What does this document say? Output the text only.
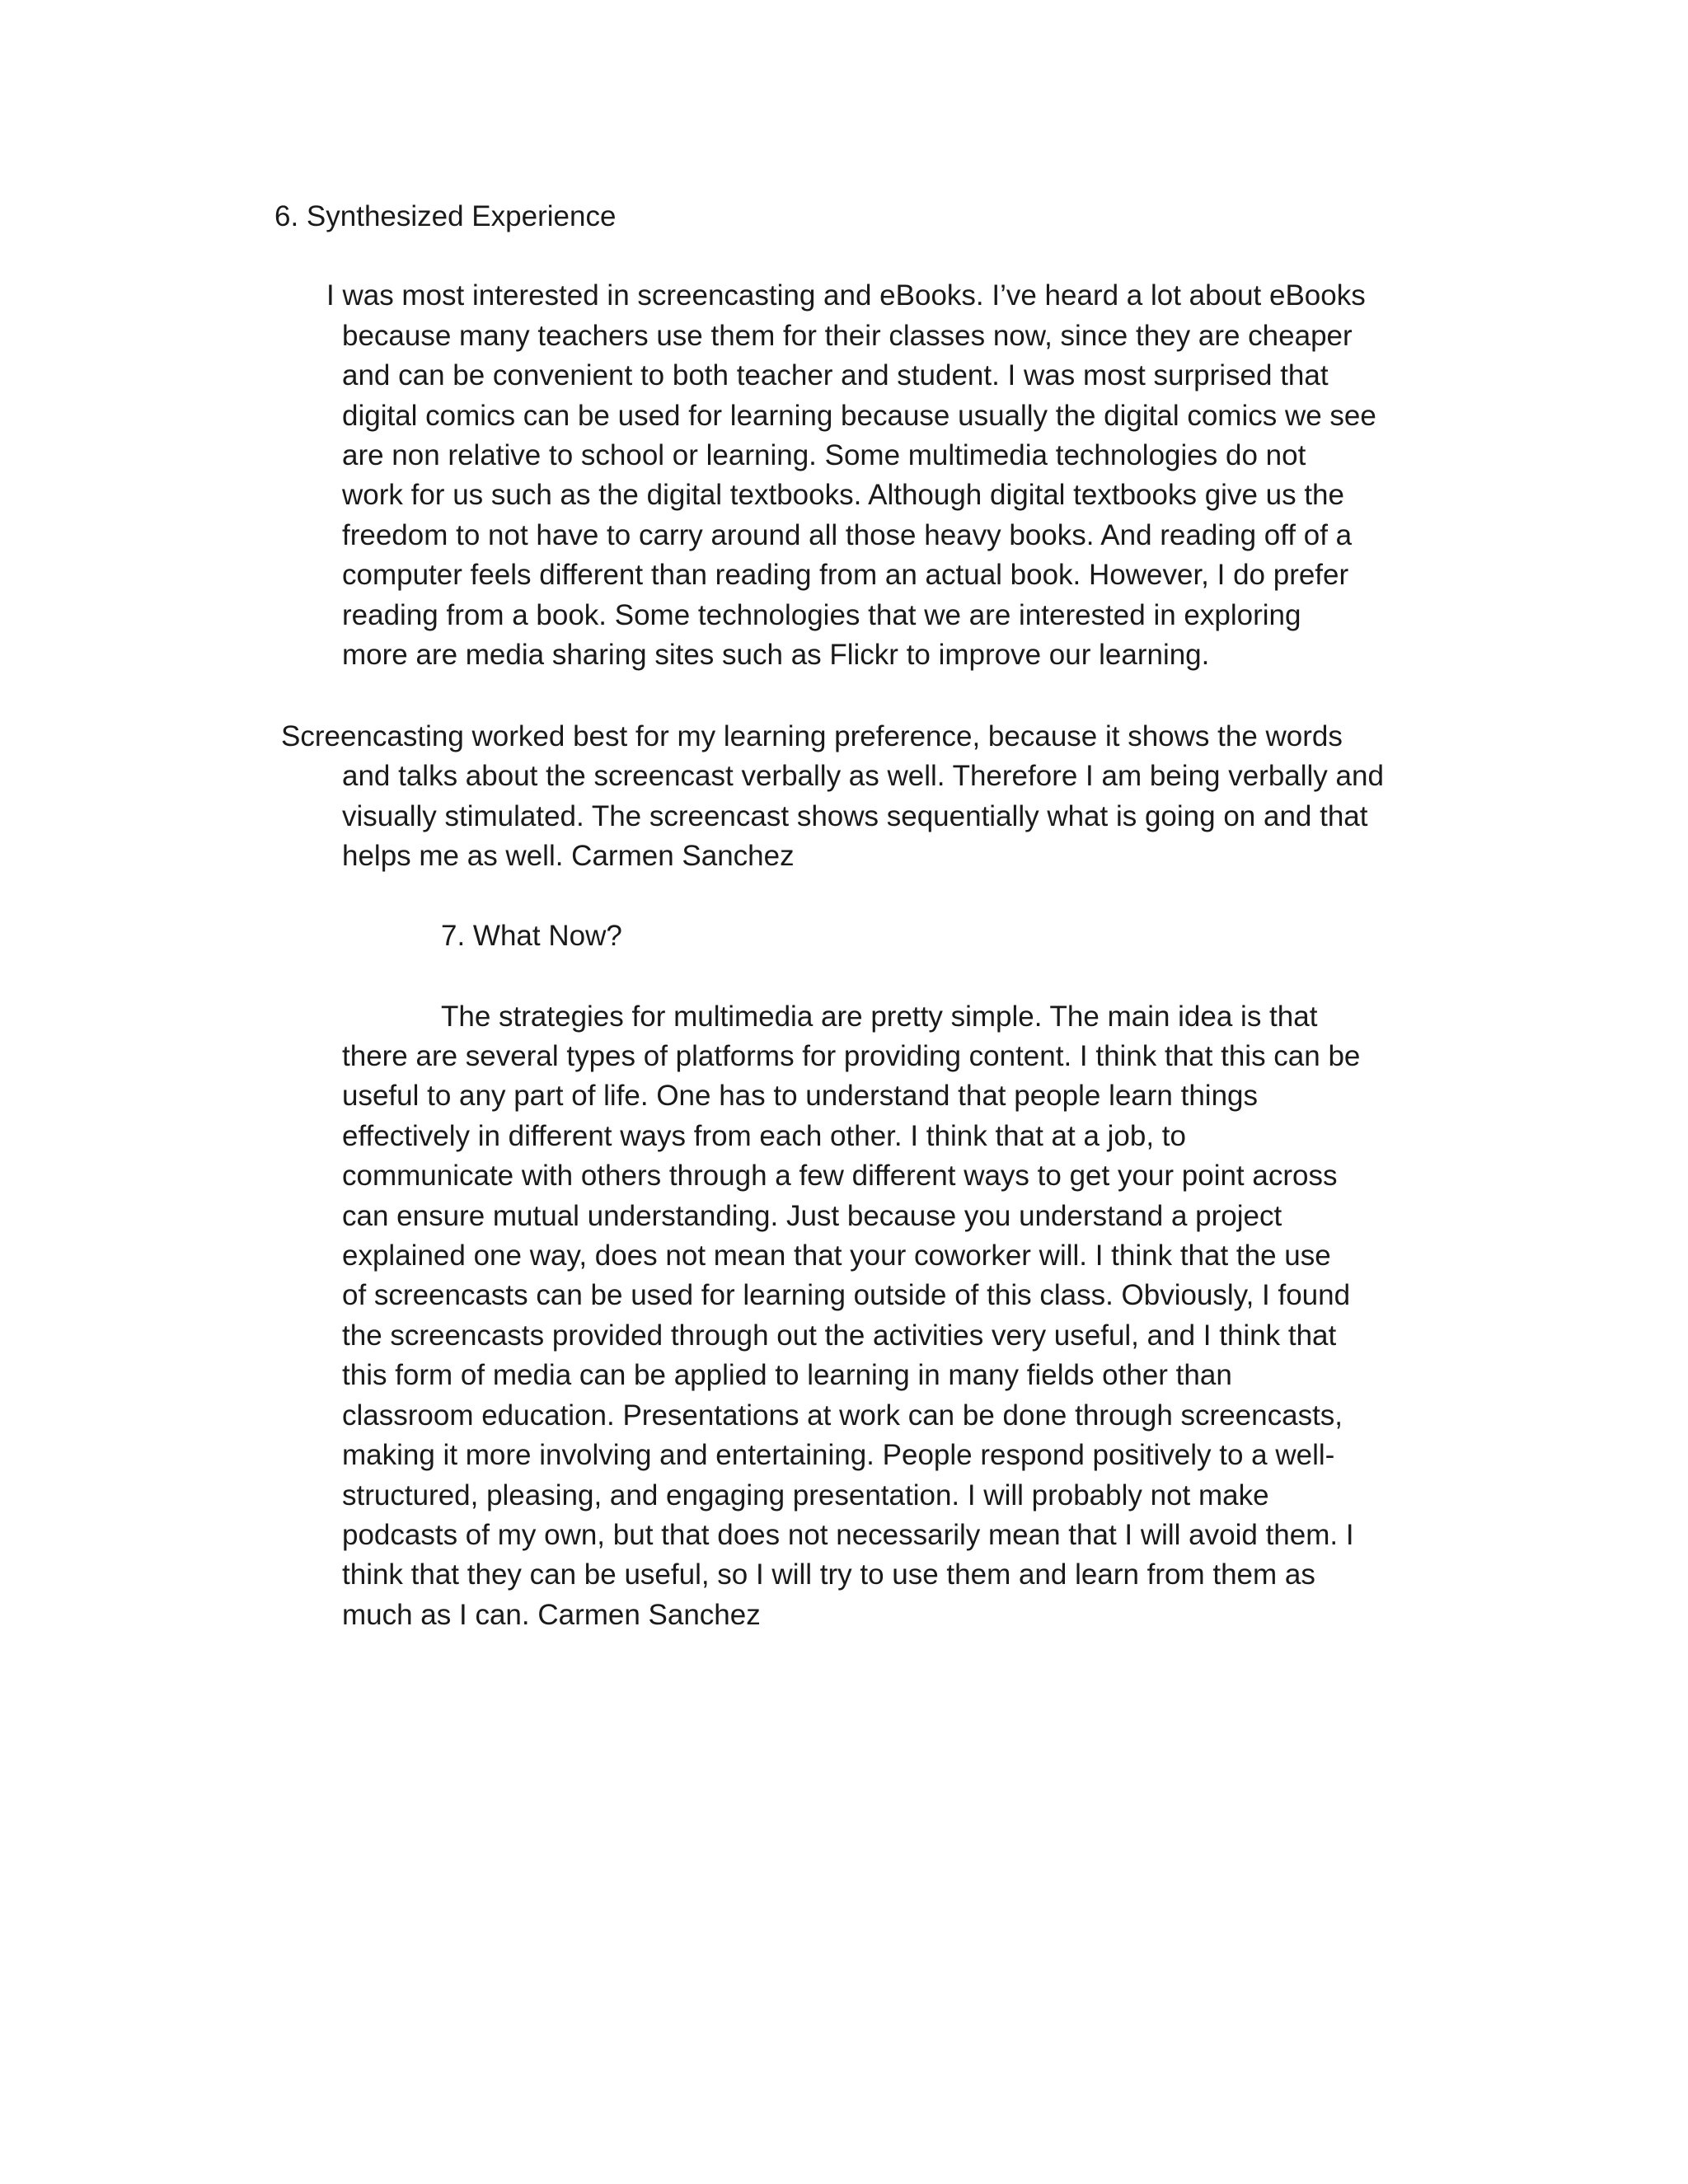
6. Synthesized Experience
I was most interested in screencasting and eBooks. I’ve heard a lot about eBooks
because many teachers use them for their classes now, since they are cheaper
and can be convenient to both teacher and student. I was most surprised that
digital comics can be used for learning because usually the digital comics we see
are non relative to school or learning. Some multimedia technologies do not
work for us such as the digital textbooks. Although digital textbooks give us the
freedom to not have to carry around all those heavy books. And reading off of a
computer feels different than reading from an actual book. However, I do prefer
reading from a book. Some technologies that we are interested in exploring
more are media sharing sites such as Flickr to improve our learning.
Screencasting worked best for my learning preference, because it shows the words
and talks about the screencast verbally as well. Therefore I am being verbally and
visually stimulated. The screencast shows sequentially what is going on and that
helps me as well. Carmen Sanchez
7. What Now?
The strategies for multimedia are pretty simple. The main idea is that
there are several types of platforms for providing content. I think that this can be
useful to any part of life. One has to understand that people learn things
effectively in different ways from each other. I think that at a job, to
communicate with others through a few different ways to get your point across
can ensure mutual understanding. Just because you understand a project
explained one way, does not mean that your coworker will. I think that the use
of screencasts can be used for learning outside of this class. Obviously, I found
the screencasts provided through out the activities very useful, and I think that
this form of media can be applied to learning in many fields other than
classroom education. Presentations at work can be done through screencasts,
making it more involving and entertaining. People respond positively to a well-
structured, pleasing, and engaging presentation. I will probably not make
podcasts of my own, but that does not necessarily mean that I will avoid them. I
think that they can be useful, so I will try to use them and learn from them as
much as I can. Carmen Sanchez
